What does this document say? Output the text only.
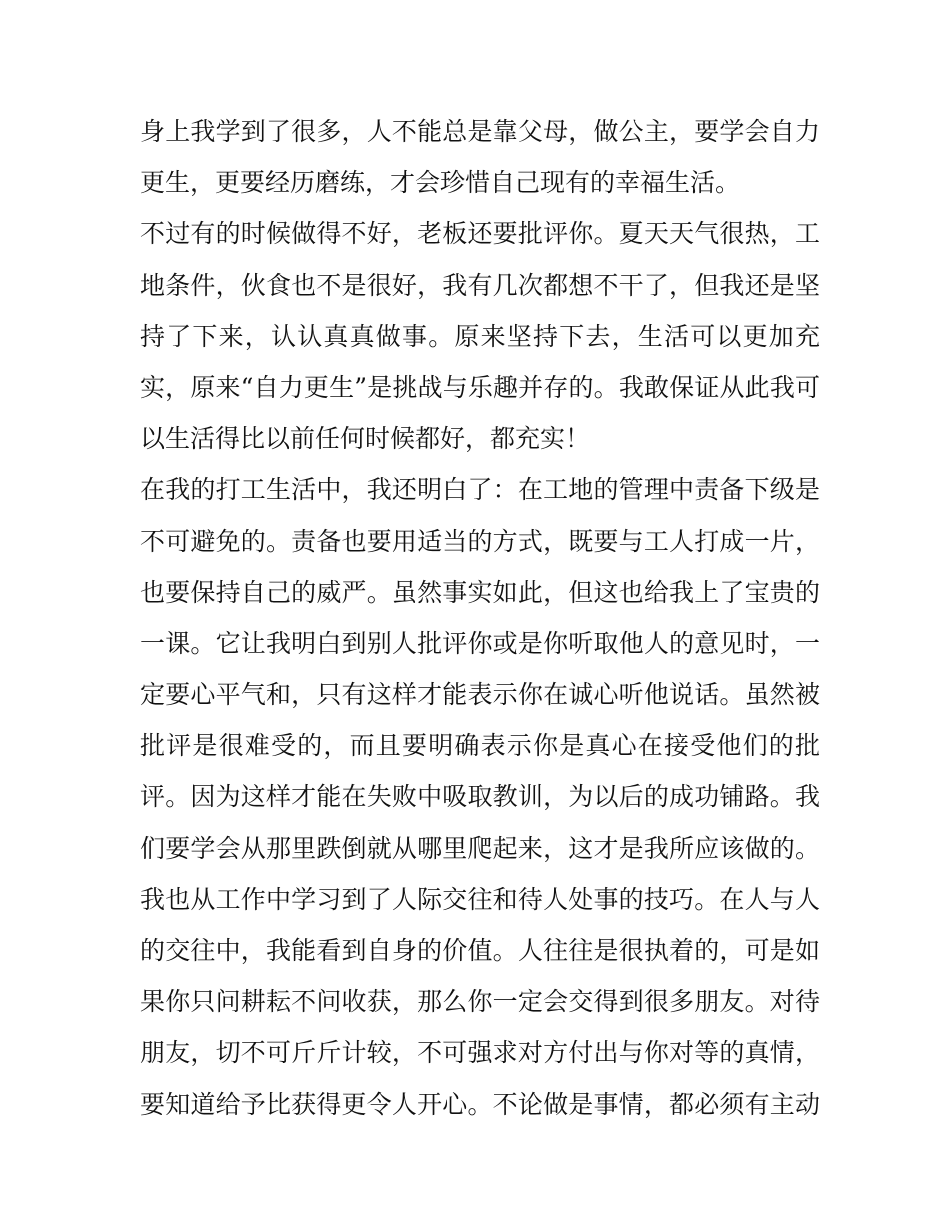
身上我学到了很多，人不能总是靠父母，做公主，要学会自力
更生，更要经历磨练，才会珍惜自己现有的幸福生活。
不过有的时候做得不好，老板还要批评你。夏天天气很热，工
地条件，伙食也不是很好，我有几次都想不干了，但我还是坚
持了下来，认认真真做事。原来坚持下去，生活可以更加充
实，原来“自力更生”是挑战与乐趣并存的。我敢保证从此我可
以生活得比以前任何时候都好，都充实！
在我的打工生活中，我还明白了：在工地的管理中责备下级是
不可避免的。责备也要用适当的方式，既要与工人打成一片，
也要保持自己的威严。虽然事实如此，但这也给我上了宝贵的
一课。它让我明白到别人批评你或是你听取他人的意见时，一
定要心平气和，只有这样才能表示你在诚心听他说话。虽然被
批评是很难受的，而且要明确表示你是真心在接受他们的批
评。因为这样才能在失败中吸取教训，为以后的成功铺路。我
们要学会从那里跌倒就从哪里爬起来，这才是我所应该做的。
我也从工作中学习到了人际交往和待人处事的技巧。在人与人
的交往中，我能看到自身的价值。人往往是很执着的，可是如
果你只问耕耘不问收获，那么你一定会交得到很多朋友。对待
朋友，切不可斤斤计较，不可强求对方付出与你对等的真情，
要知道给予比获得更令人开心。不论做是事情，都必须有主动
